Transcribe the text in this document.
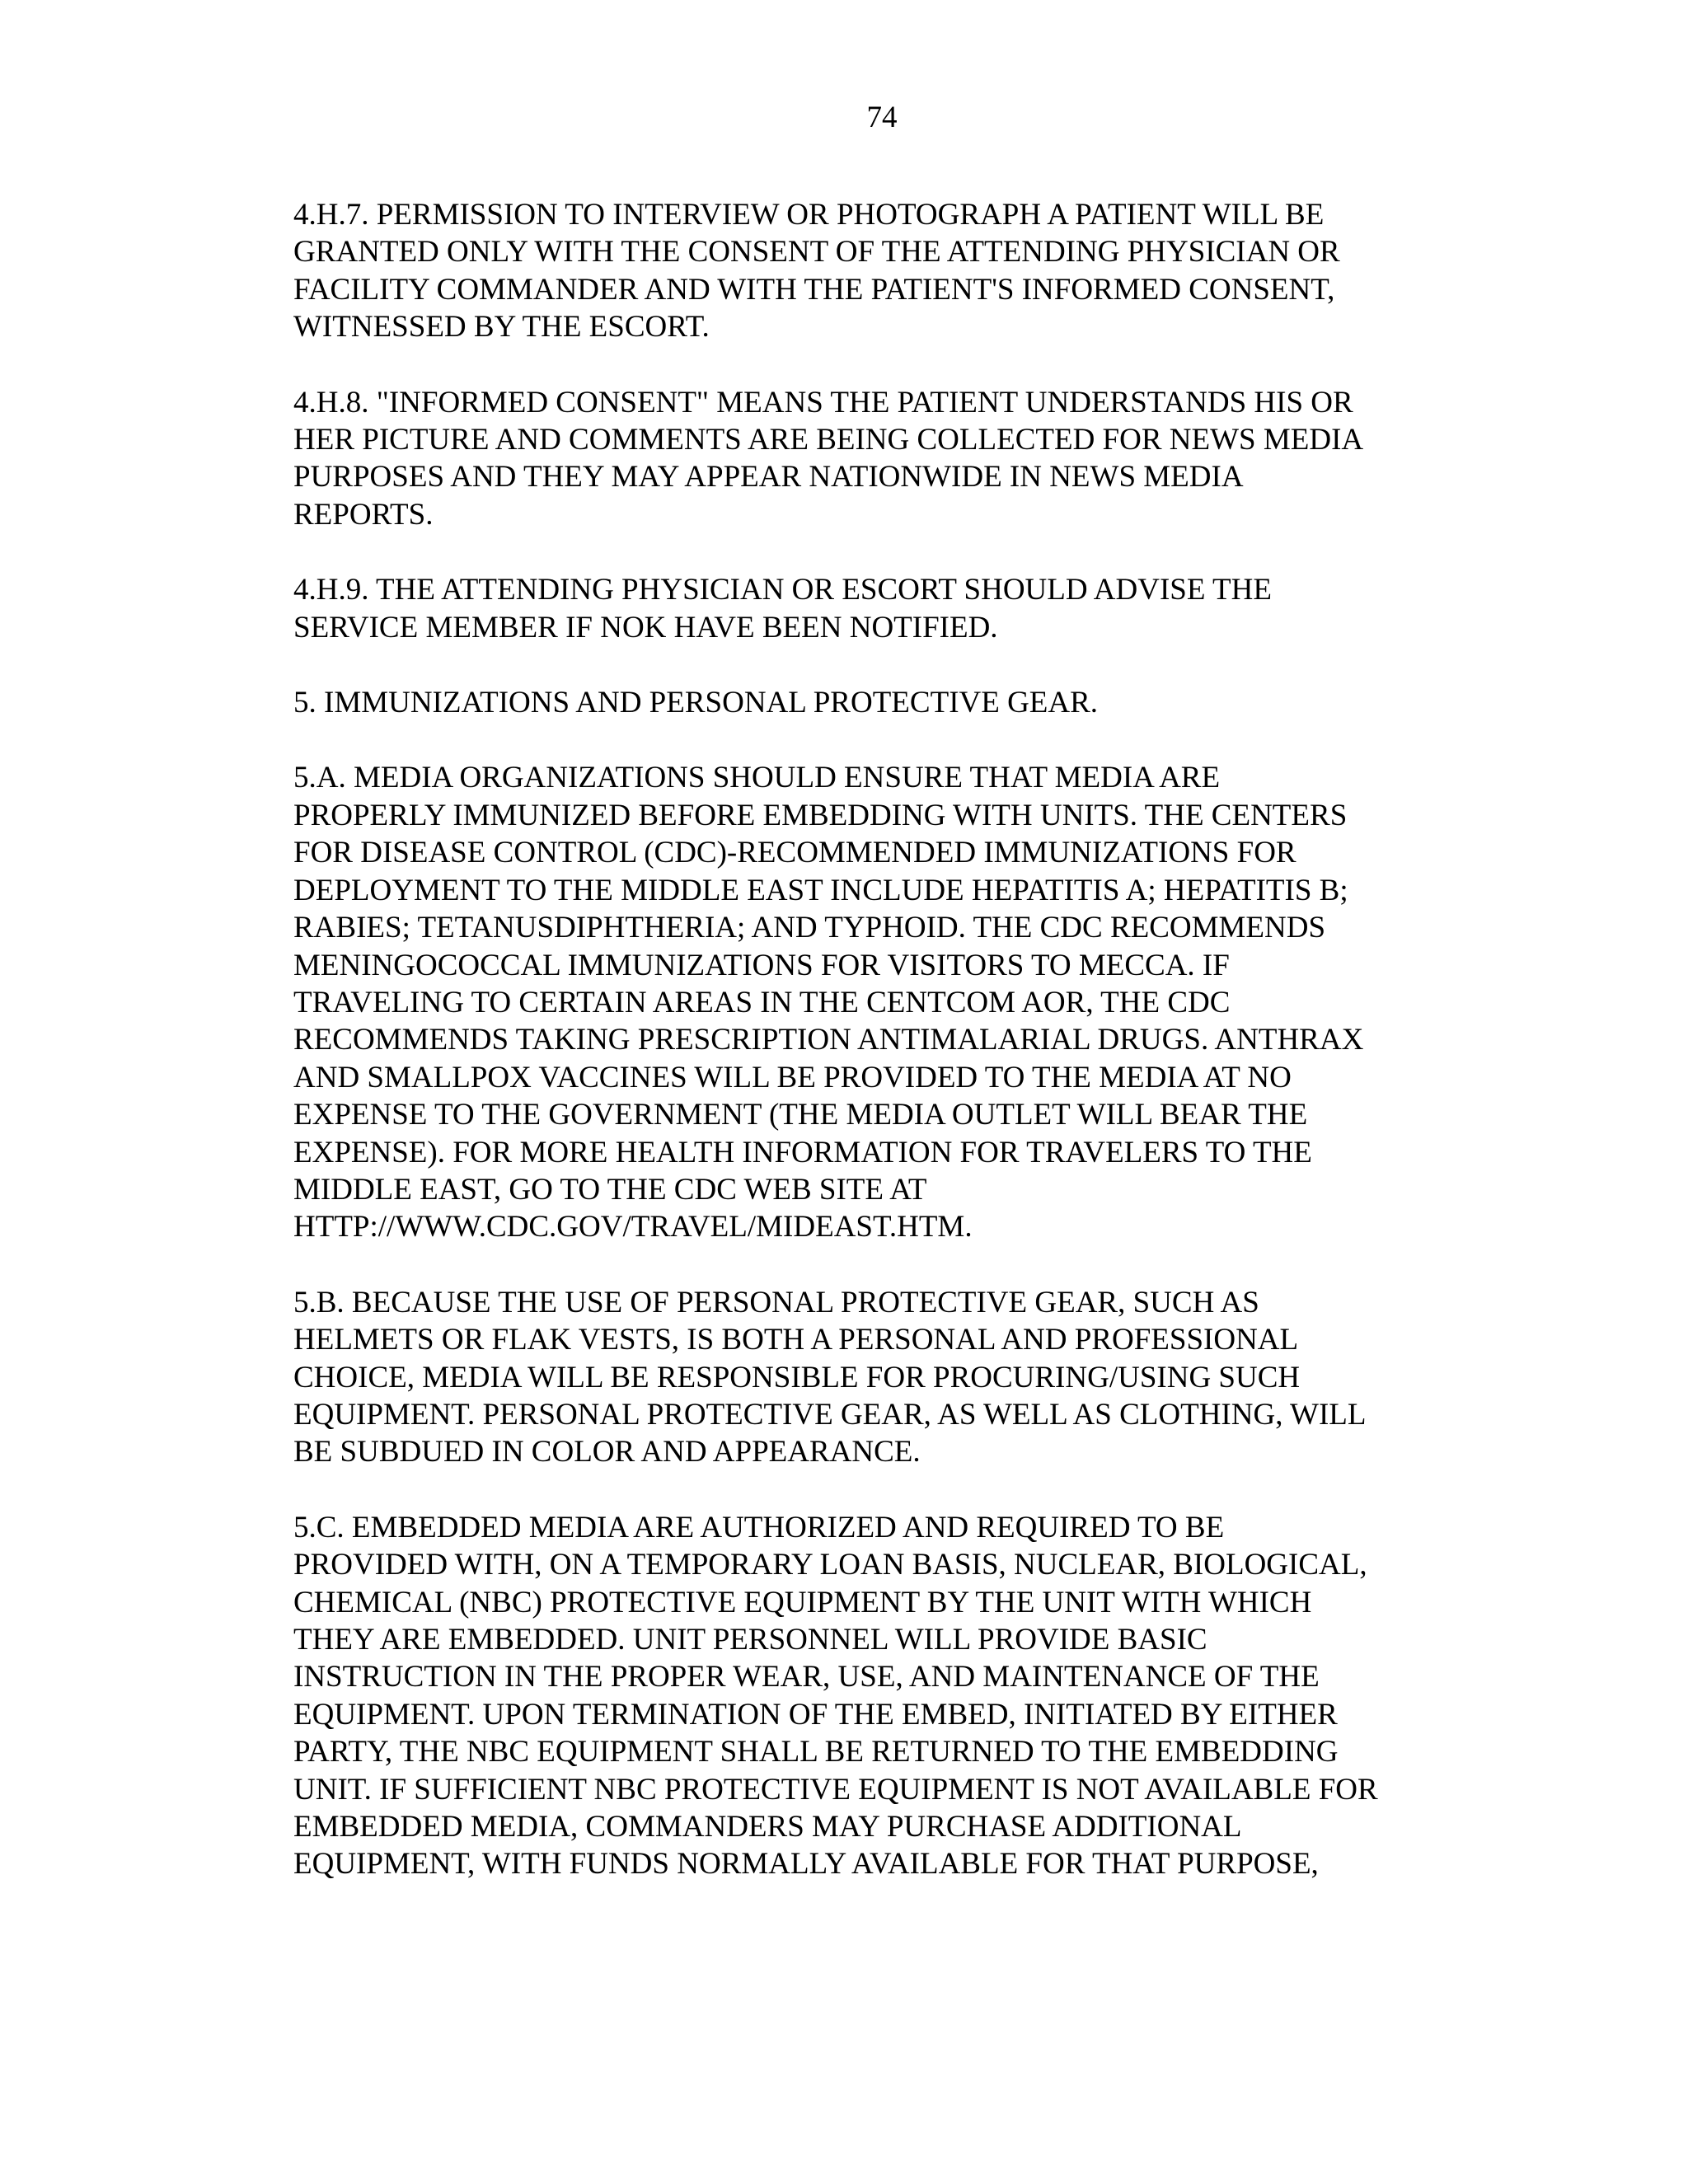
74

4.H.7. PERMISSION TO INTERVIEW OR PHOTOGRAPH A PATIENT WILL BE
GRANTED ONLY WITH THE CONSENT OF THE ATTENDING PHYSICIAN OR
FACILITY COMMANDER AND WITH THE PATIENT'S INFORMED CONSENT,
WITNESSED BY THE ESCORT.

4.H.8. "INFORMED CONSENT" MEANS THE PATIENT UNDERSTANDS HIS OR
HER PICTURE AND COMMENTS ARE BEING COLLECTED FOR NEWS MEDIA
PURPOSES AND THEY MAY APPEAR NATIONWIDE IN NEWS MEDIA
REPORTS.

4.H.9. THE ATTENDING PHYSICIAN OR ESCORT SHOULD ADVISE THE
SERVICE MEMBER IF NOK HAVE BEEN NOTIFIED.

5. IMMUNIZATIONS AND PERSONAL PROTECTIVE GEAR.

5.A. MEDIA ORGANIZATIONS SHOULD ENSURE THAT MEDIA ARE
PROPERLY IMMUNIZED BEFORE EMBEDDING WITH UNITS. THE CENTERS
FOR DISEASE CONTROL (CDC)-RECOMMENDED IMMUNIZATIONS FOR
DEPLOYMENT TO THE MIDDLE EAST INCLUDE HEPATITIS A; HEPATITIS B;
RABIES; TETANUSDIPHTHERIA; AND TYPHOID. THE CDC RECOMMENDS
MENINGOCOCCAL IMMUNIZATIONS FOR VISITORS TO MECCA. IF
TRAVELING TO CERTAIN AREAS IN THE CENTCOM AOR, THE CDC
RECOMMENDS TAKING PRESCRIPTION ANTIMALARIAL DRUGS. ANTHRAX
AND SMALLPOX VACCINES WILL BE PROVIDED TO THE MEDIA AT NO
EXPENSE TO THE GOVERNMENT (THE MEDIA OUTLET WILL BEAR THE
EXPENSE). FOR MORE HEALTH INFORMATION FOR TRAVELERS TO THE
MIDDLE EAST, GO TO THE CDC WEB SITE AT
HTTP://WWW.CDC.GOV/TRAVEL/MIDEAST.HTM.

5.B. BECAUSE THE USE OF PERSONAL PROTECTIVE GEAR, SUCH AS
HELMETS OR FLAK VESTS, IS BOTH A PERSONAL AND PROFESSIONAL
CHOICE, MEDIA WILL BE RESPONSIBLE FOR PROCURING/USING SUCH
EQUIPMENT. PERSONAL PROTECTIVE GEAR, AS WELL AS CLOTHING, WILL
BE SUBDUED IN COLOR AND APPEARANCE.

5.C. EMBEDDED MEDIA ARE AUTHORIZED AND REQUIRED TO BE
PROVIDED WITH, ON A TEMPORARY LOAN BASIS, NUCLEAR, BIOLOGICAL,
CHEMICAL (NBC) PROTECTIVE EQUIPMENT BY THE UNIT WITH WHICH
THEY ARE EMBEDDED. UNIT PERSONNEL WILL PROVIDE BASIC
INSTRUCTION IN THE PROPER WEAR, USE, AND MAINTENANCE OF THE
EQUIPMENT. UPON TERMINATION OF THE EMBED, INITIATED BY EITHER
PARTY, THE NBC EQUIPMENT SHALL BE RETURNED TO THE EMBEDDING
UNIT. IF SUFFICIENT NBC PROTECTIVE EQUIPMENT IS NOT AVAILABLE FOR
EMBEDDED MEDIA, COMMANDERS MAY PURCHASE ADDITIONAL
EQUIPMENT, WITH FUNDS NORMALLY AVAILABLE FOR THAT PURPOSE,
